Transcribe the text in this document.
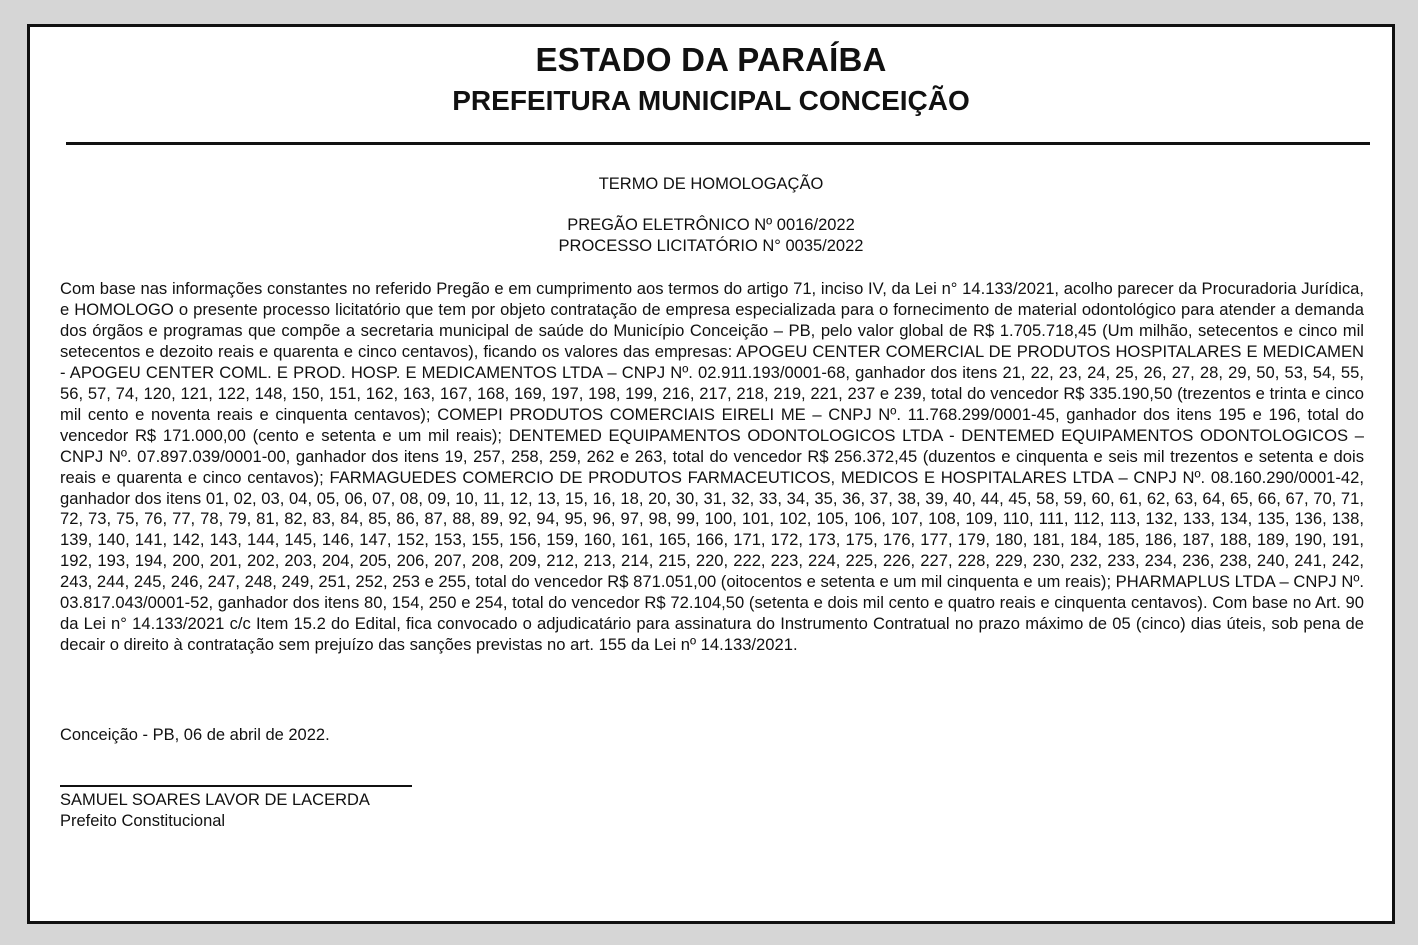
ESTADO DA PARAÍBA
PREFEITURA MUNICIPAL CONCEIÇÃO
TERMO DE HOMOLOGAÇÃO
PREGÃO ELETRÔNICO Nº 0016/2022
PROCESSO LICITATÓRIO N° 0035/2022

Com base nas informações constantes no referido Pregão e em cumprimento aos termos do artigo 71, inciso IV, da Lei n° 14.133/2021, acolho parecer da Procuradoria Jurídica, e HOMOLOGO o presente processo licitatório que tem por objeto contratação de empresa especializada para o fornecimento de material odontológico para atender a demanda dos órgãos e programas que compõe a secretaria municipal de saúde do Município Conceição – PB, pelo valor global de R$ 1.705.718,45 (Um milhão, setecentos e cinco mil setecentos e dezoito reais e quarenta e cinco centavos), ficando os valores das empresas: APOGEU CENTER COMERCIAL DE PRODUTOS HOSPITALARES E MEDICAMEN - APOGEU CENTER COML. E PROD. HOSP. E MEDICAMENTOS LTDA – CNPJ Nº. 02.911.193/0001-68, ganhador dos itens 21, 22, 23, 24, 25, 26, 27, 28, 29, 50, 53, 54, 55, 56, 57, 74, 120, 121, 122, 148, 150, 151, 162, 163, 167, 168, 169, 197, 198, 199, 216, 217, 218, 219, 221, 237 e 239, total do vencedor R$ 335.190,50 (trezentos e trinta e cinco mil cento e noventa reais e cinquenta centavos); COMEPI PRODUTOS COMERCIAIS EIRELI ME – CNPJ Nº. 11.768.299/0001-45, ganhador dos itens 195 e 196, total do vencedor R$ 171.000,00 (cento e setenta e um mil reais); DENTEMED EQUIPAMENTOS ODONTOLOGICOS LTDA - DENTEMED EQUIPAMENTOS ODONTOLOGICOS – CNPJ Nº. 07.897.039/0001-00, ganhador dos itens 19, 257, 258, 259, 262 e 263, total do vencedor R$ 256.372,45 (duzentos e cinquenta e seis mil trezentos e setenta e dois reais e quarenta e cinco centavos); FARMAGUEDES COMERCIO DE PRODUTOS FARMACEUTICOS, MEDICOS E HOSPITALARES LTDA – CNPJ Nº. 08.160.290/0001-42, ganhador dos itens 01, 02, 03, 04, 05, 06, 07, 08, 09, 10, 11, 12, 13, 15, 16, 18, 20, 30, 31, 32, 33, 34, 35, 36, 37, 38, 39, 40, 44, 45, 58, 59, 60, 61, 62, 63, 64, 65, 66, 67, 70, 71, 72, 73, 75, 76, 77, 78, 79, 81, 82, 83, 84, 85, 86, 87, 88, 89, 92, 94, 95, 96, 97, 98, 99, 100, 101, 102, 105, 106, 107, 108, 109, 110, 111, 112, 113, 132, 133, 134, 135, 136, 138, 139, 140, 141, 142, 143, 144, 145, 146, 147, 152, 153, 155, 156, 159, 160, 161, 165, 166, 171, 172, 173, 175, 176, 177, 179, 180, 181, 184, 185, 186, 187, 188, 189, 190, 191, 192, 193, 194, 200, 201, 202, 203, 204, 205, 206, 207, 208, 209, 212, 213, 214, 215, 220, 222, 223, 224, 225, 226, 227, 228, 229, 230, 232, 233, 234, 236, 238, 240, 241, 242, 243, 244, 245, 246, 247, 248, 249, 251, 252, 253 e 255, total do vencedor R$ 871.051,00 (oitocentos e setenta e um mil cinquenta e um reais); PHARMAPLUS LTDA – CNPJ Nº. 03.817.043/0001-52, ganhador dos itens 80, 154, 250 e 254, total do vencedor R$ 72.104,50 (setenta e dois mil cento e quatro reais e cinquenta centavos). Com base no Art. 90 da Lei n° 14.133/2021 c/c Item 15.2 do Edital, fica convocado o adjudicatário para assinatura do Instrumento Contratual no prazo máximo de 05 (cinco) dias úteis, sob pena de decair o direito à contratação sem prejuízo das sanções previstas no art. 155 da Lei nº 14.133/2021.

Conceição - PB, 06 de abril de 2022.
SAMUEL SOARES LAVOR DE LACERDA
Prefeito Constitucional
